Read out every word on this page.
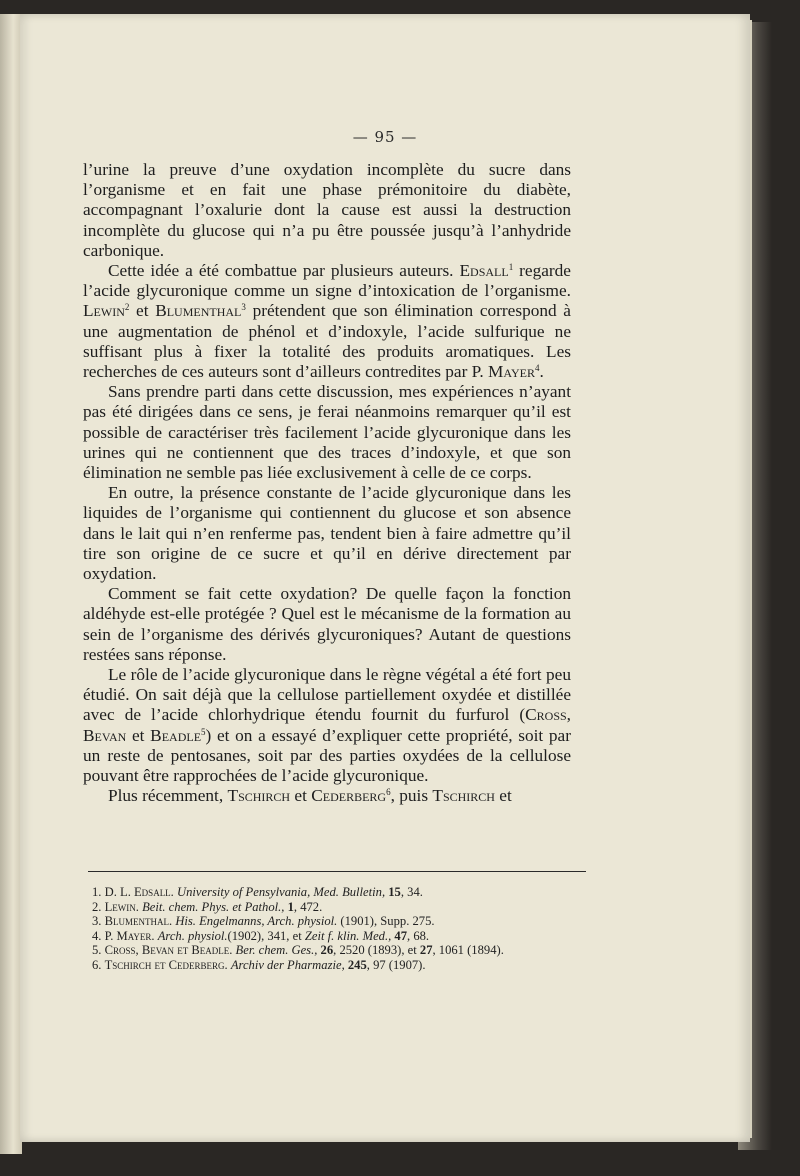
— 95 —

l’urine la preuve d’une oxydation incomplète du sucre dans l’organisme et en fait une phase prémonitoire du diabète, accompagnant l’oxalurie dont la cause est aussi la destruction incomplète du glucose qui n’a pu être poussée jusqu’à l’anhydride carbonique.

Cette idée a été combattue par plusieurs auteurs. Edsall$^1$ regarde l’acide glycuronique comme un signe d’intoxication de l’organisme. Lewin$^2$ et Blumenthal$^3$ prétendent que son élimination correspond à une augmentation de phénol et d’indoxyle, l’acide sulfurique ne suffisant plus à fixer la totalité des produits aromatiques. Les recherches de ces auteurs sont d’ailleurs contredites par P. Mayer$^4$.

Sans prendre parti dans cette discussion, mes expériences n’ayant pas été dirigées dans ce sens, je ferai néanmoins remarquer qu’il est possible de caractériser très facilement l’acide glycuronique dans les urines qui ne contiennent que des traces d’indoxyle, et que son élimination ne semble pas liée exclusivement à celle de ce corps.

En outre, la présence constante de l’acide glycuronique dans les liquides de l’organisme qui contiennent du glucose et son absence dans le lait qui n’en renferme pas, tendent bien à faire admettre qu’il tire son origine de ce sucre et qu’il en dérive directement par oxydation.

Comment se fait cette oxydation? De quelle façon la fonction aldéhyde est-elle protégée ? Quel est le mécanisme de la formation au sein de l’organisme des dérivés glycuroniques? Autant de questions restées sans réponse.

Le rôle de l’acide glycuronique dans le règne végétal a été fort peu étudié. On sait déjà que la cellulose partiellement oxydée et distillée avec de l’acide chlorhydrique étendu fournit du furfurol (Cross, Bevan et Beadle$^5$) et on a essayé d’expliquer cette propriété, soit par un reste de pentosanes, soit par des parties oxydées de la cellulose pouvant être rapprochées de l’acide glycuronique.

Plus récemment, Tschirch et Cederberg$^6$, puis Tschirch et

1. D. L. Edsall. University of Pensylvania, Med. Bulletin, 15, 34.
2. Lewin. Beit. chem. Phys. et Pathol., 1, 472.
3. Blumenthal. His. Engelmanns, Arch. physiol. (1901), Supp. 275.
4. P. Mayer. Arch. physiol.(1902), 341, et Zeit f. klin. Med., 47, 68.
5. Cross, Bevan et Beadle. Ber. chem. Ges., 26, 2520 (1893), et 27, 1061 (1894).
6. Tschirch et Cederberg. Archiv der Pharmazie, 245, 97 (1907).
